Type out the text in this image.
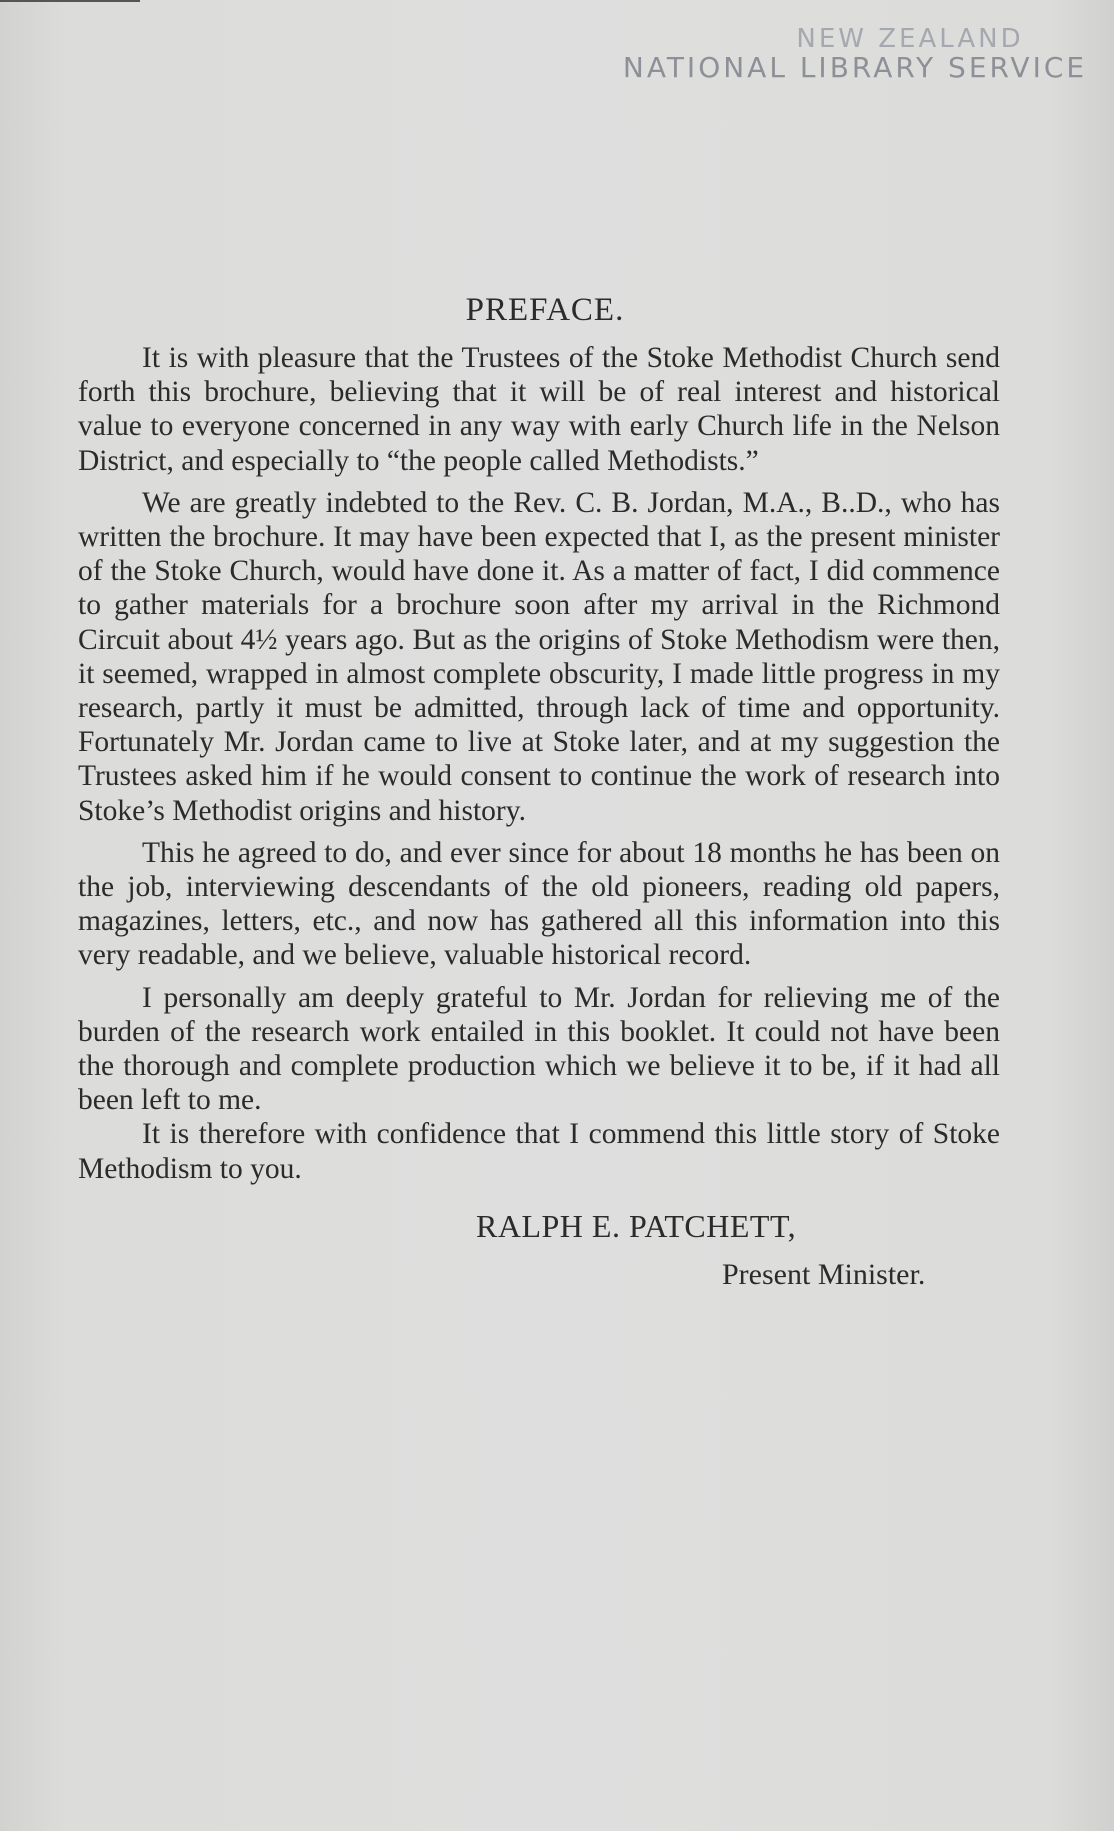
NEW ZEALAND
NATIONAL LIBRARY SERVICE
PREFACE.

It is with pleasure that the Trustees of the Stoke Methodist Church send forth this brochure, believing that it will be of real interest and historical value to everyone concerned in any way with early Church life in the Nelson District, and especially to “the people called Methodists.”

We are greatly indebted to the Rev. C. B. Jordan, M.A., B..D., who has written the brochure. It may have been expected that I, as the present minister of the Stoke Church, would have done it. As a matter of fact, I did commence to gather materials for a brochure soon after my arrival in the Richmond Circuit about 4½ years ago. But as the origins of Stoke Methodism were then, it seemed, wrapped in almost complete obscurity, I made little progress in my research, partly it must be admitted, through lack of time and opportunity. Fortunately Mr. Jordan came to live at Stoke later, and at my suggestion the Trustees asked him if he would consent to continue the work of research into Stoke’s Methodist origins and history.

This he agreed to do, and ever since for about 18 months he has been on the job, interviewing descendants of the old pioneers, reading old papers, magazines, letters, etc., and now has gathered all this information into this very readable, and we believe, valuable historical record.

I personally am deeply grateful to Mr. Jordan for relieving me of the burden of the research work entailed in this booklet. It could not have been the thorough and complete production which we believe it to be, if it had all been left to me.

It is therefore with confidence that I commend this little story of Stoke Methodism to you.

RALPH E. PATCHETT,
Present Minister.
